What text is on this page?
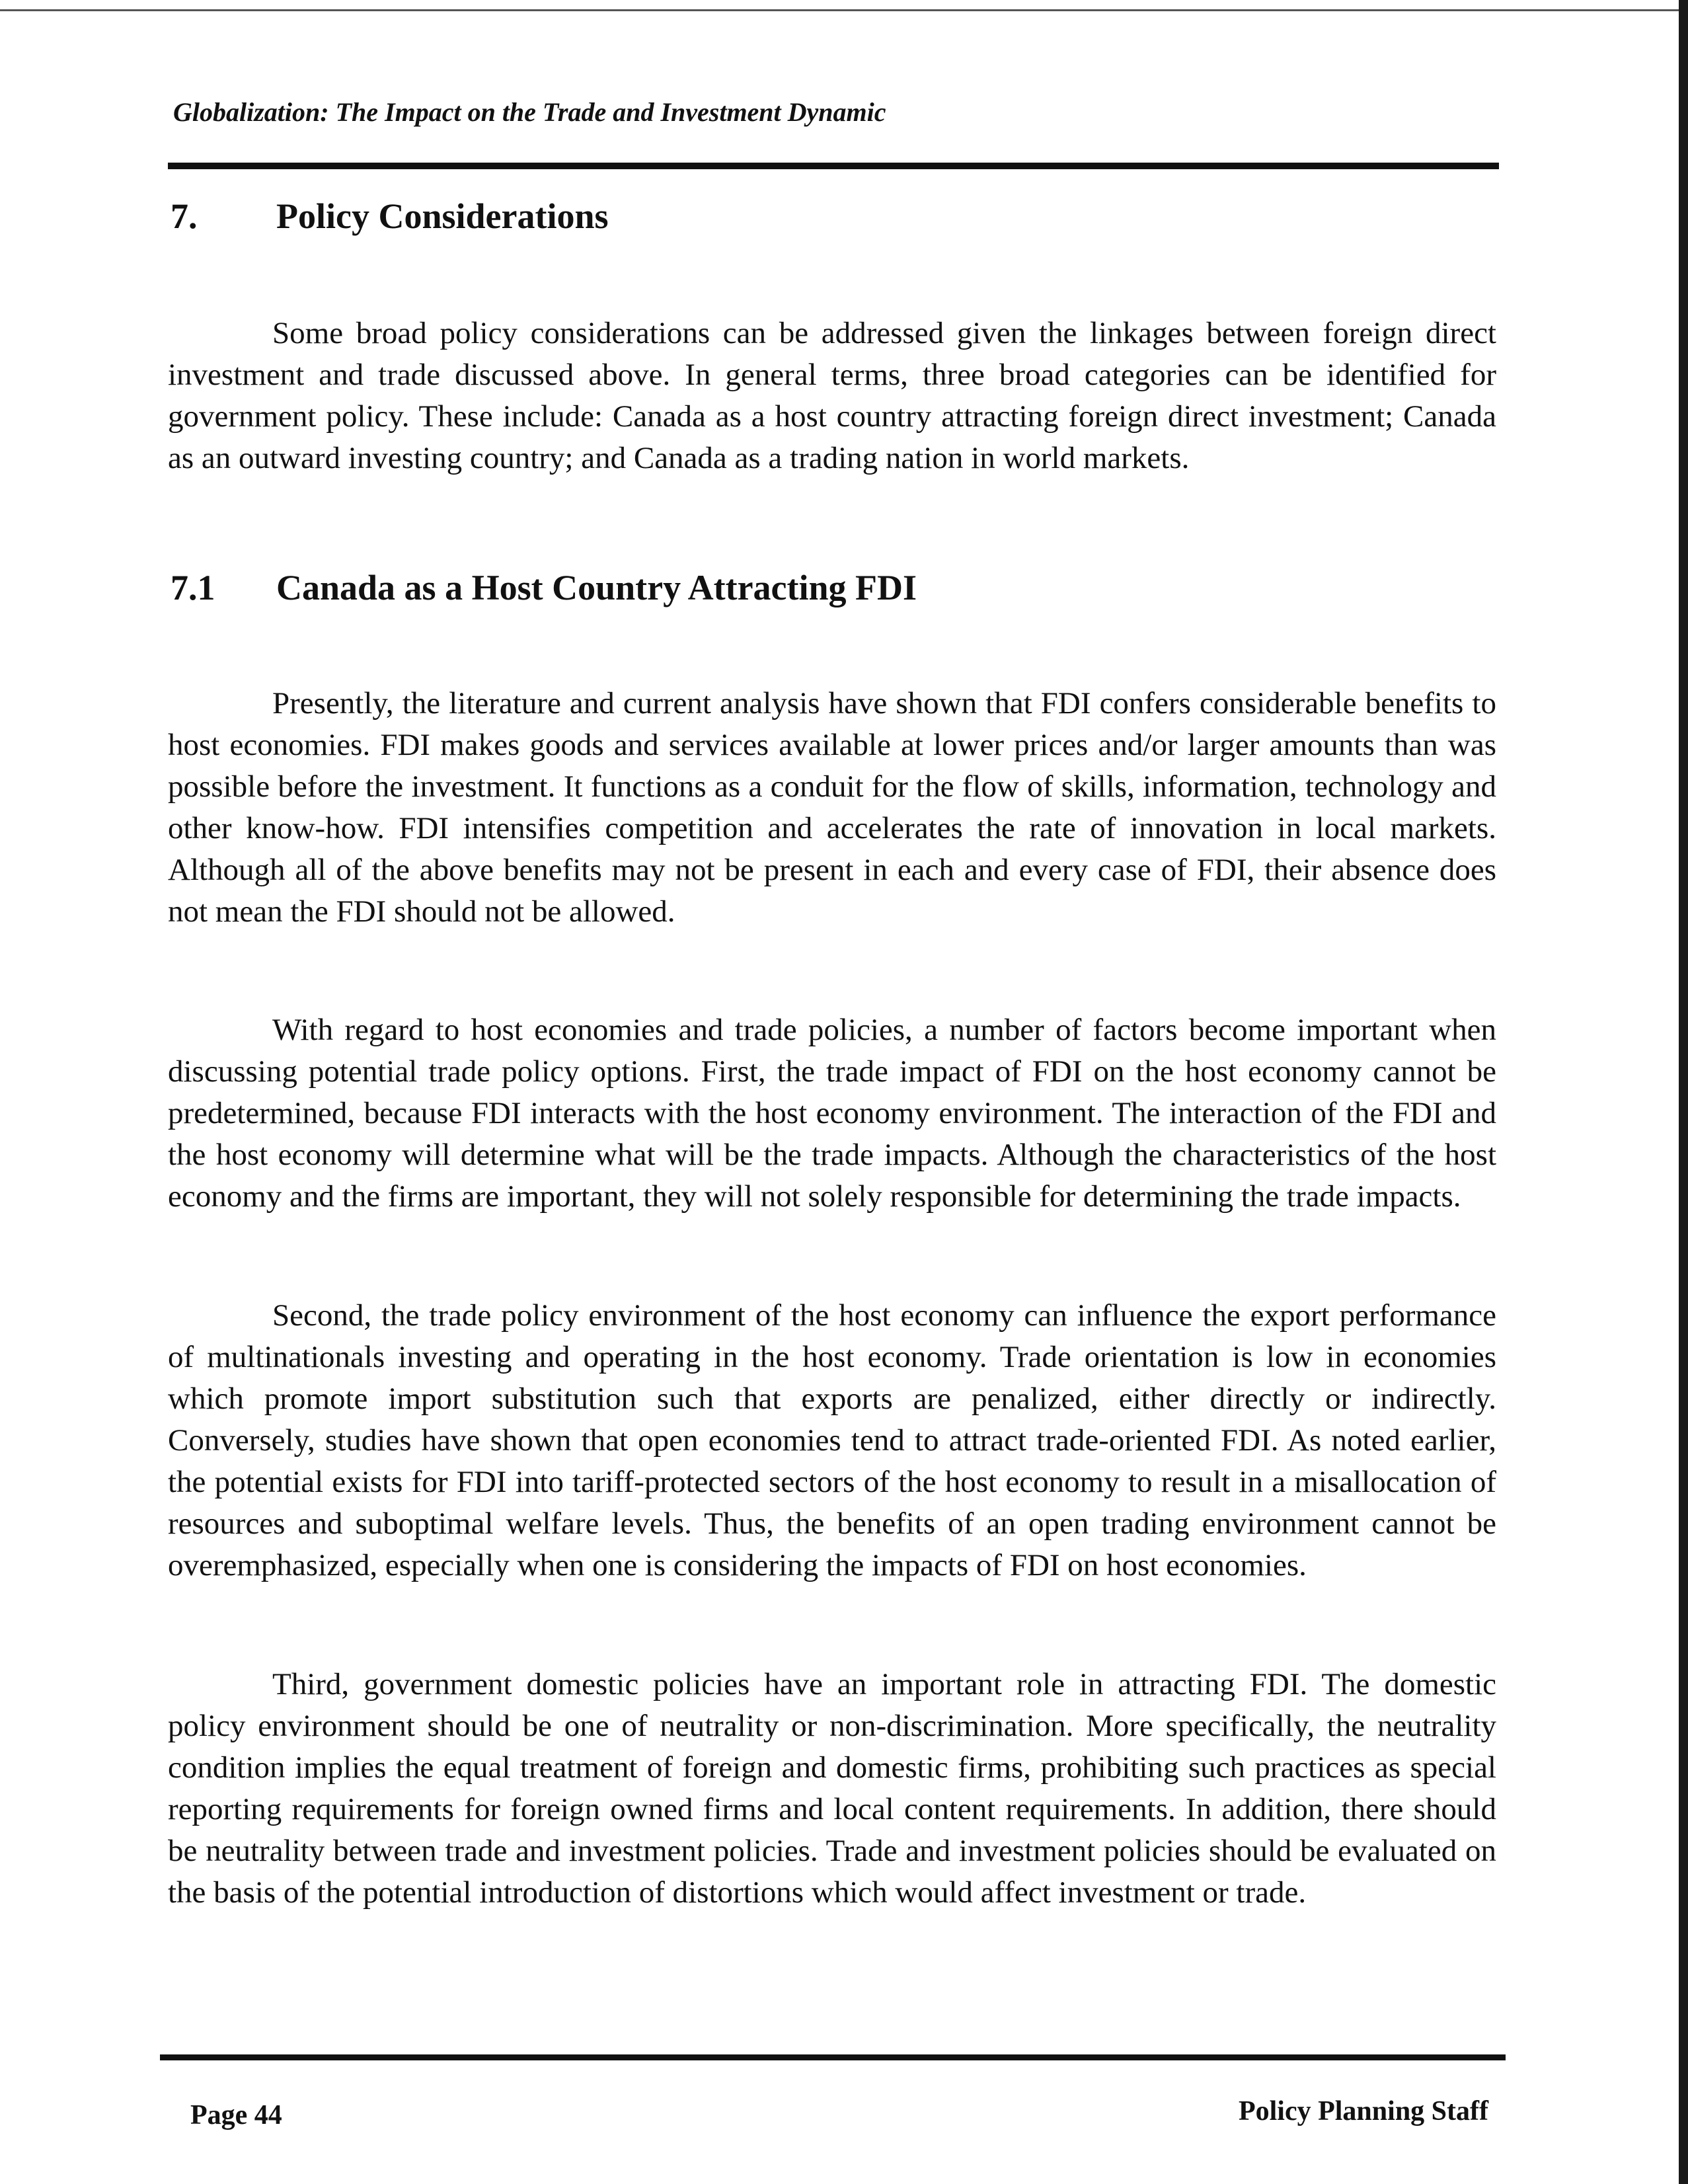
Globalization: The Impact on the Trade and Investment Dynamic
7. Policy Considerations

Some broad policy considerations can be addressed given the linkages between foreign direct investment and trade discussed above. In general terms, three broad categories can be identified for government policy. These include: Canada as a host country attracting foreign direct investment; Canada as an outward investing country; and Canada as a trading nation in world markets.

7.1 Canada as a Host Country Attracting FDI

Presently, the literature and current analysis have shown that FDI confers considerable benefits to host economies. FDI makes goods and services available at lower prices and/or larger amounts than was possible before the investment. It functions as a conduit for the flow of skills, information, technology and other know-how. FDI intensifies competition and accelerates the rate of innovation in local markets. Although all of the above benefits may not be present in each and every case of FDI, their absence does not mean the FDI should not be allowed.

With regard to host economies and trade policies, a number of factors become important when discussing potential trade policy options. First, the trade impact of FDI on the host economy cannot be predetermined, because FDI interacts with the host economy environment. The interaction of the FDI and the host economy will determine what will be the trade impacts. Although the characteristics of the host economy and the firms are important, they will not solely responsible for determining the trade impacts.

Second, the trade policy environment of the host economy can influence the export performance of multinationals investing and operating in the host economy. Trade orientation is low in economies which promote import substitution such that exports are penalized, either directly or indirectly. Conversely, studies have shown that open economies tend to attract trade-oriented FDI. As noted earlier, the potential exists for FDI into tariff-protected sectors of the host economy to result in a misallocation of resources and suboptimal welfare levels. Thus, the benefits of an open trading environment cannot be overemphasized, especially when one is considering the impacts of FDI on host economies.

Third, government domestic policies have an important role in attracting FDI. The domestic policy environment should be one of neutrality or non-discrimination. More specifically, the neutrality condition implies the equal treatment of foreign and domestic firms, prohibiting such practices as special reporting requirements for foreign owned firms and local content requirements. In addition, there should be neutrality between trade and investment policies. Trade and investment policies should be evaluated on the basis of the potential introduction of distortions which would affect investment or trade.

Page 44	Policy Planning Staff
